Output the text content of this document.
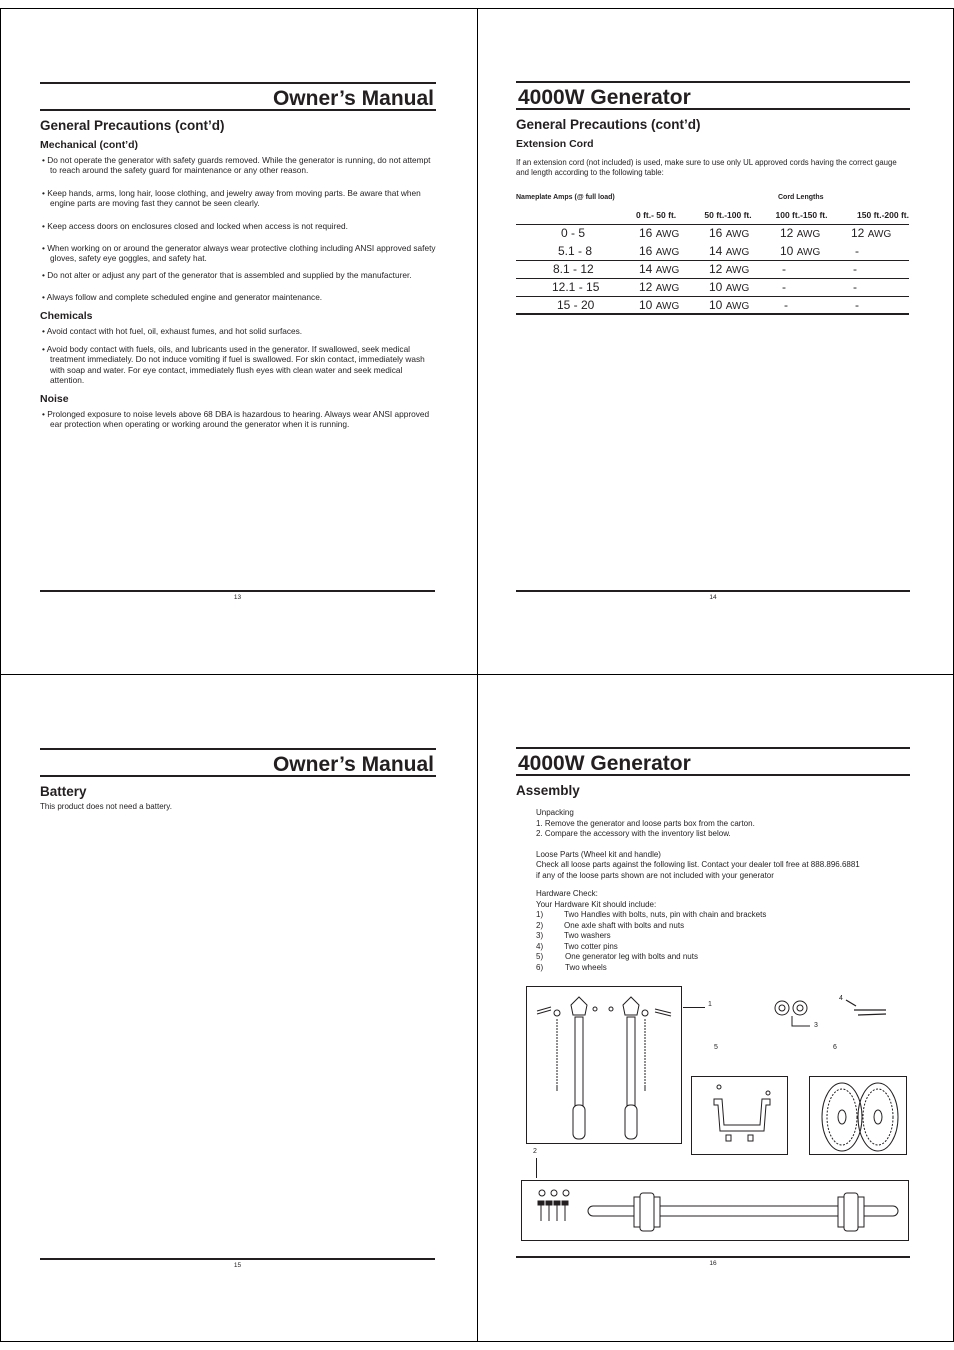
Owner’s Manual
General Precautions (cont’d)
Mechanical (cont’d)

• Do not operate the generator with safety guards removed. While the generator is running, do not attempt to reach around the safety guard for maintenance or any other reason.

• Keep hands, arms, long hair, loose clothing, and jewelry away from moving parts. Be aware that when engine parts are moving fast they cannot be seen clearly.

• Keep access doors on enclosures closed and locked when access is not required.

• When working on or around the generator always wear protective clothing including ANSI approved safety gloves, safety eye goggles, and safety hat.

• Do not alter or adjust any part of the generator that is assembled and supplied by the manufacturer.

• Always follow and complete scheduled engine and generator maintenance.

Chemicals

• Avoid contact with hot fuel, oil, exhaust fumes, and hot solid surfaces.

• Avoid body contact with fuels, oils, and lubricants used in the generator. If swallowed, seek medical treatment immediately. Do not induce vomiting if fuel is swallowed. For skin contact, immediately wash with soap and water. For eye contact, immediately flush eyes with clean water and seek medical attention.

Noise

• Prolonged exposure to noise levels above 68 DBA is hazardous to hearing. Always wear ANSI approved ear protection when operating or working around the generator when it is running.

13
4000W Generator
General Precautions (cont’d)
Extension Cord

If an extension cord (not included) is used, make sure to use only UL approved cords having the correct gauge and length according to the following table:

Nameplate Amps (@ full load)	Cord Lengths
	0 ft.- 50 ft.	50 ft.-100 ft.	100 ft.-150 ft.	150 ft.-200 ft.
0 - 5	16 AWG	16 AWG	12 AWG	12 AWG
5.1 - 8	16 AWG	14 AWG	10 AWG	-
8.1 - 12	14 AWG	12 AWG	-	-
12.1 - 15	12 AWG	10 AWG	-	-
15 - 20	10 AWG	10 AWG	-	-
14
Owner’s Manual
Battery

This product does not need a battery.

15
4000W Generator
Assembly

Unpacking

1. Remove the generator and loose parts box from the carton.

2. Compare the accessory with the inventory list below.

Loose Parts (Wheel kit and handle)

Check all loose parts against the following list. Contact your dealer toll free at 888.896.6881

if any of the loose parts shown are not included with your generator

Hardware Check:

Your Hardware Kit should include:

1)	Two Handles with bolts, nuts, pin with chain and brackets

2)	One axle shaft with bolts and nuts

3)	Two washers

4)	Two cotter pins

5)	One generator leg with bolts and nuts

6)	Two wheels

1
3
4
5	6
2
16
